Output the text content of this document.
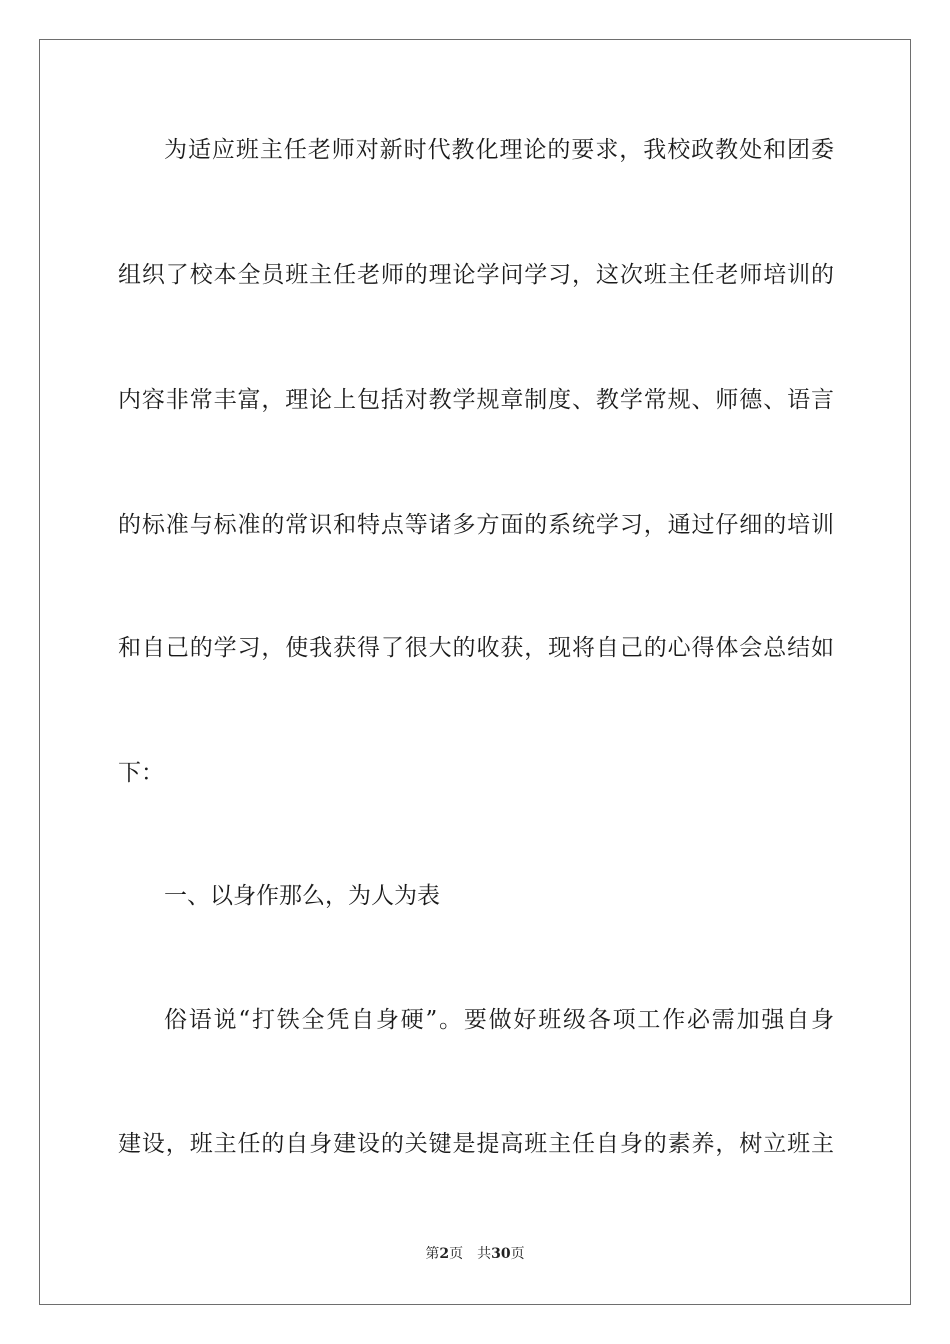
为适应班主任老师对新时代教化理论的要求，我校政教处和团委
组织了校本全员班主任老师的理论学问学习，这次班主任老师培训的
内容非常丰富，理论上包括对教学规章制度、教学常规、师德、语言
的标准与标准的常识和特点等诸多方面的系统学习，通过仔细的培训
和自己的学习，使我获得了很大的收获，现将自己的心得体会总结如
下：
一、以身作那么，为人为表
俗语说“打铁全凭自身硬”。要做好班级各项工作必需加强自身
建设，班主任的自身建设的关键是提高班主任自身的素养，树立班主
第2页 共30页
